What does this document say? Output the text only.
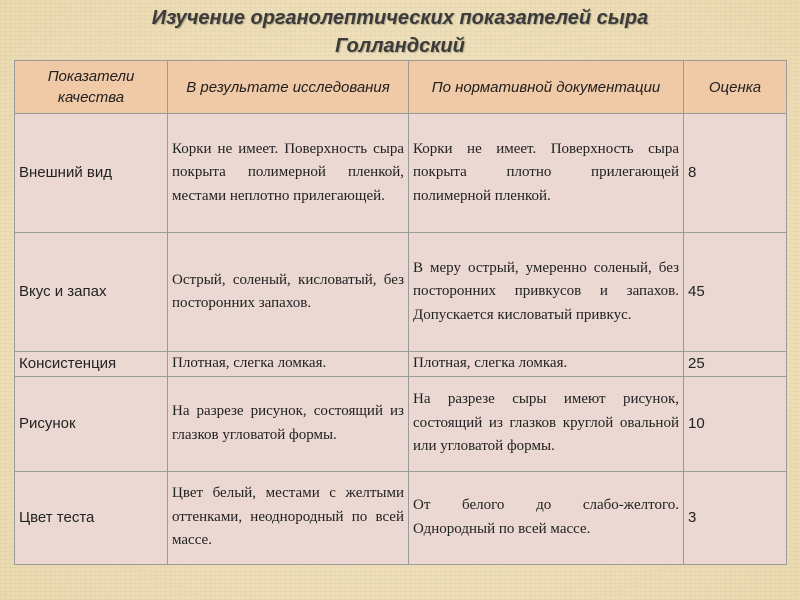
Изучение органолептических показателей сыра
Голландский
Показатели качества	В результате исследования	По нормативной документации	Оценка
Внешний вид	Корки не имеет. Поверхность сыра покрыта полимерной пленкой, местами неплотно прилегающей.	Корки не имеет. Поверхность сыра покрыта плотно прилегающей полимерной пленкой.	8
Вкус и запах	Острый, соленый, кисловатый, без посторонних запахов.	В меру острый, умеренно соленый, без посторонних привкусов и запахов. Допускается кисловатый привкус.	45
Консистенция	Плотная, слегка ломкая.	Плотная, слегка ломкая.	25
Рисунок	На разрезе рисунок, состоящий из глазков угловатой формы.	На разрезе сыры имеют рисунок, состоящий из глазков круглой овальной или угловатой формы.	10
Цвет теста	Цвет белый, местами с желтыми оттенками, неоднородный по всей массе.	От белого до слабо-желтого. Однородный по всей массе.	3
